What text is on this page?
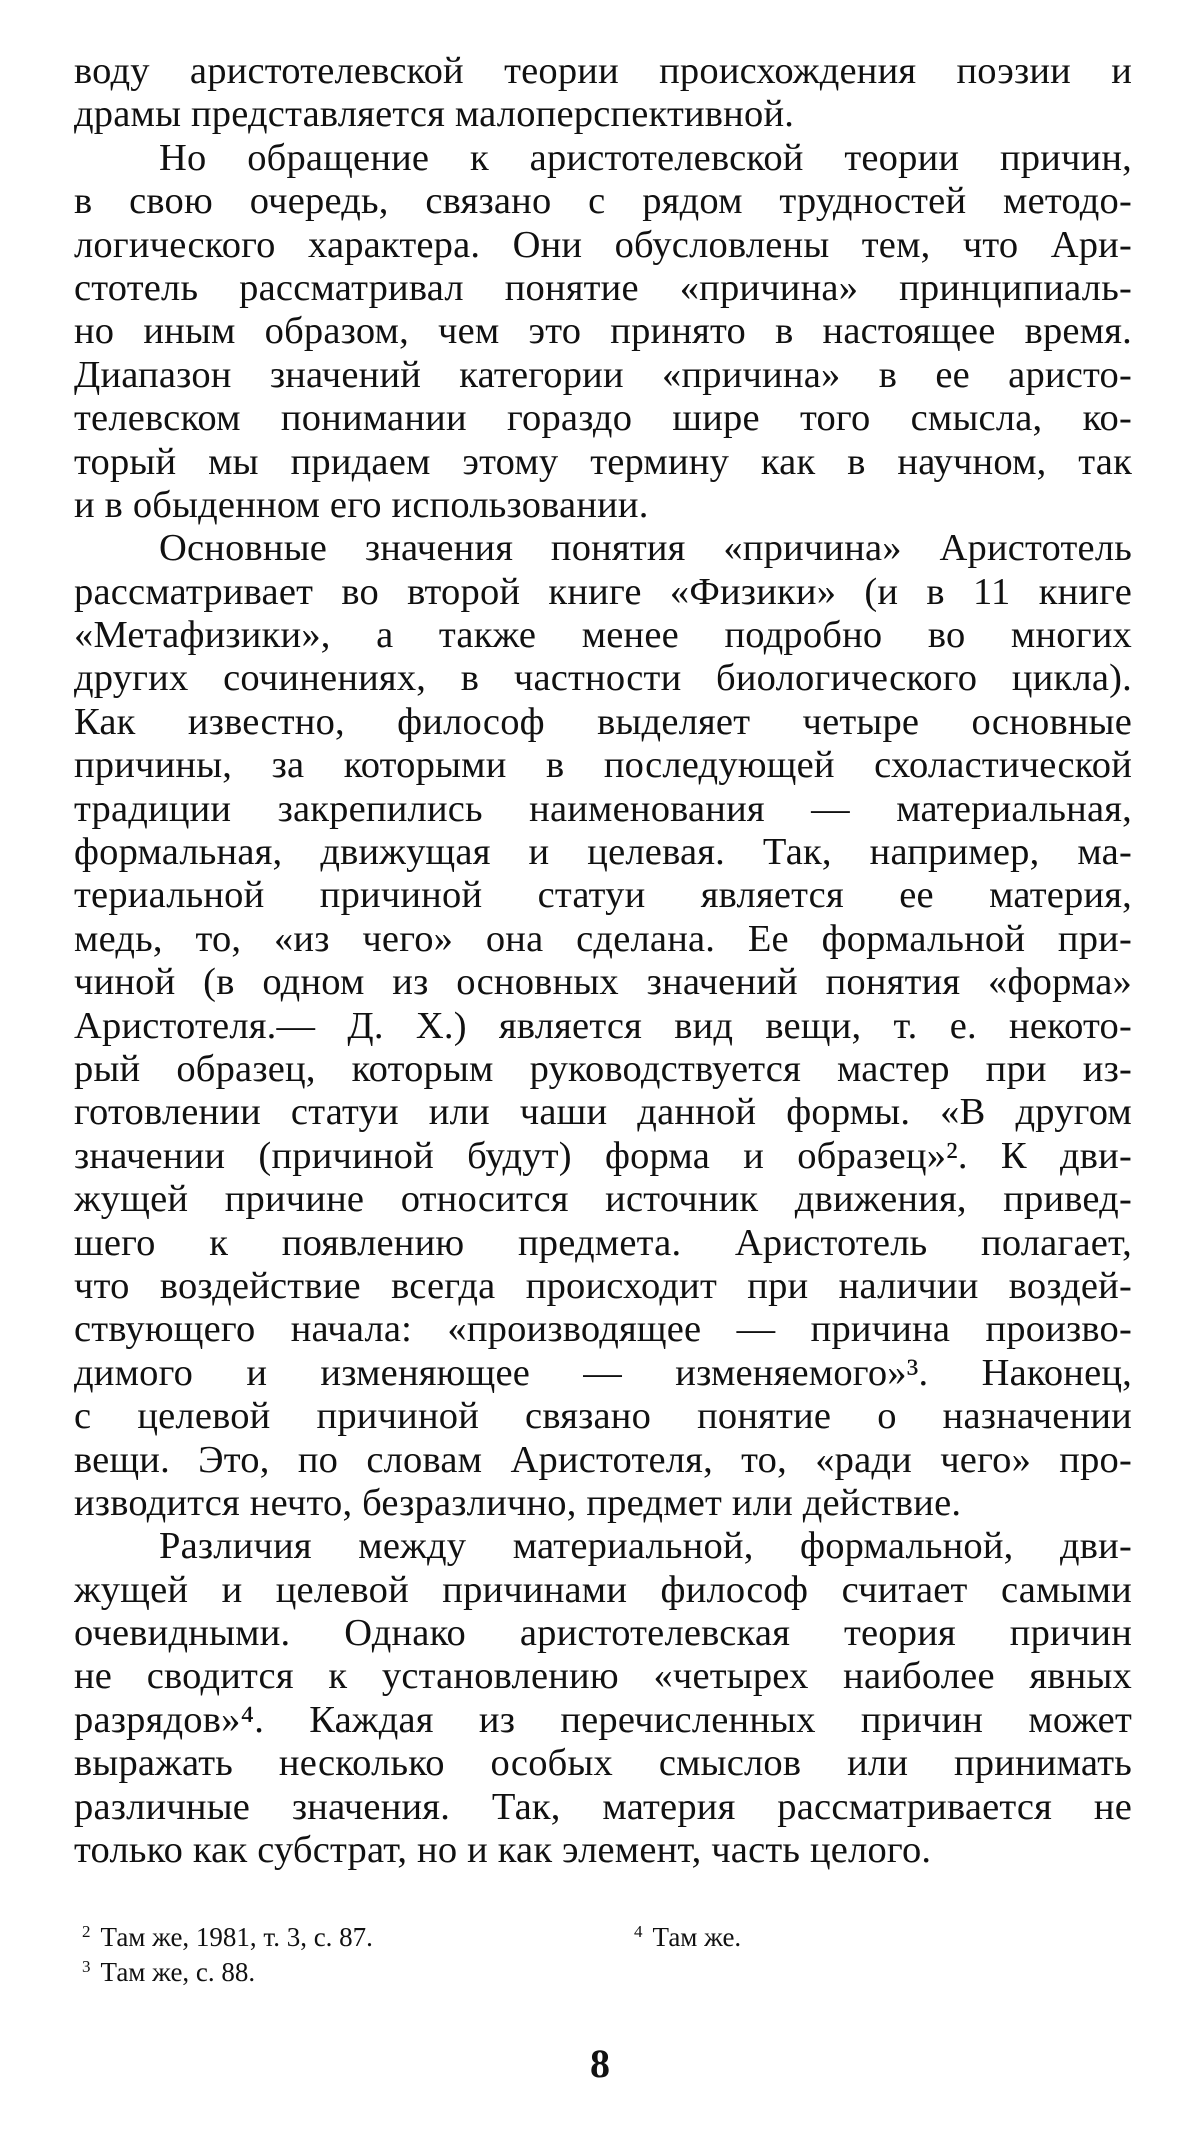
воду аристотелевской теории происхождения поэзии и
драмы представляется малоперспективной.
Но обращение к аристотелевской теории причин,
в свою очередь, связано с рядом трудностей методо-
логического характера. Они обусловлены тем, что Ари-
стотель рассматривал понятие «причина» принципиаль-
но иным образом, чем это принято в настоящее время.
Диапазон значений категории «причина» в ее аристо-
телевском понимании гораздо шире того смысла, ко-
торый мы придаем этому термину как в научном, так
и в обыденном его использовании.
Основные значения понятия «причина» Аристотель
рассматривает во второй книге «Физики» (и в 11 книге
«Метафизики», а также менее подробно во многих
других сочинениях, в частности биологического цикла).
Как известно, философ выделяет четыре основные
причины, за которыми в последующей схоластической
традиции закрепились наименования — материальная,
формальная, движущая и целевая. Так, например, ма-
териальной причиной статуи является ее материя,
медь, то, «из чего» она сделана. Ее формальной при-
чиной (в одном из основных значений понятия «форма»
Аристотеля.— Д. Х.) является вид вещи, т. е. некото-
рый образец, которым руководствуется мастер при из-
готовлении статуи или чаши данной формы. «В другом
значении (причиной будут) форма и образец»². К дви-
жущей причине относится источник движения, привед-
шего к появлению предмета. Аристотель полагает,
что воздействие всегда происходит при наличии воздей-
ствующего начала: «производящее — причина произво-
димого и изменяющее — изменяемого»³. Наконец,
с целевой причиной связано понятие о назначении
вещи. Это, по словам Аристотеля, то, «ради чего» про-
изводится нечто, безразлично, предмет или действие.
Различия между материальной, формальной, дви-
жущей и целевой причинами философ считает самыми
очевидными. Однако аристотелевская теория причин
не сводится к установлению «четырех наиболее явных
разрядов»⁴. Каждая из перечисленных причин может
выражать несколько особых смыслов или принимать
различные значения. Так, материя рассматривается не
только как субстрат, но и как элемент, часть целого.
$^2$ Там же, 1981, т. 3, с. 87.
$^3$ Там же, с. 88.
$^4$ Там же.
8
